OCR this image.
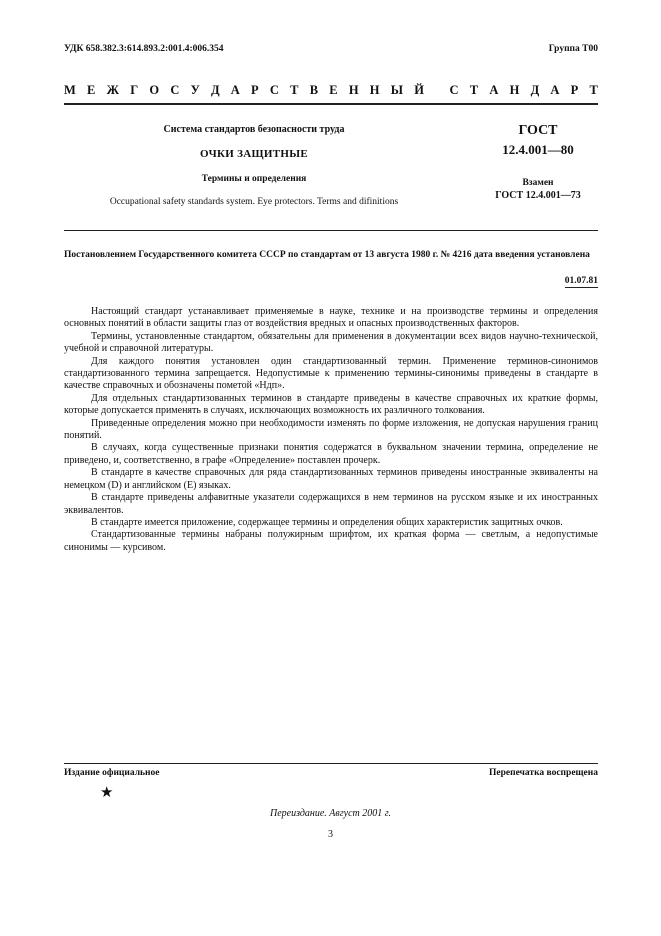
УДК 658.382.3:614.893.2:001.4:006.354	Группа Т00
М Е Ж Г О С У Д А Р С Т В Е Н Н Ы Й
С Т А Н Д А Р Т
Система стандартов безопасности труда
ОЧКИ ЗАЩИТНЫЕ
Термины и определения
Occupational safety standards system. Eye protectors. Terms and difinitions
ГОСТ
12.4.001—80
Взамен
ГОСТ 12.4.001—73
Постановлением Государственного комитета СССР по стандартам от 13 августа 1980 г. № 4216 дата введения установлена
01.07.81

Настоящий стандарт устанавливает применяемые в науке, технике и на производстве термины и определения основных понятий в области защиты глаз от воздействия вредных и опасных производственных факторов.

Термины, установленные стандартом, обязательны для применения в документации всех видов научно-технической, учебной и справочной литературы.

Для каждого понятия установлен один стандартизованный термин. Применение терминов-синонимов стандартизованного термина запрещается. Недопустимые к применению термины-синонимы приведены в стандарте в качестве справочных и обозначены пометой «Ндп».

Для отдельных стандартизованных терминов в стандарте приведены в качестве справочных их краткие формы, которые допускается применять в случаях, исключающих возможность их различного толкования.

Приведенные определения можно при необходимости изменять по форме изложения, не допуская нарушения границ понятий.

В случаях, когда существенные признаки понятия содержатся в буквальном значении термина, определение не приведено, и, соответственно, в графе «Определение» поставлен прочерк.

В стандарте в качестве справочных для ряда стандартизованных терминов приведены иностранные эквиваленты на немецком (D) и английском (E) языках.

В стандарте приведены алфавитные указатели содержащихся в нем терминов на русском языке и их иностранных эквивалентов.

В стандарте имеется приложение, содержащее термины и определения общих характеристик защитных очков.

Стандартизованные термины набраны полужирным шрифтом, их краткая форма — светлым, а недопустимые синонимы — курсивом.

Издание официальное	Перепечатка воспрещена
★
Переиздание. Август 2001 г.
3
